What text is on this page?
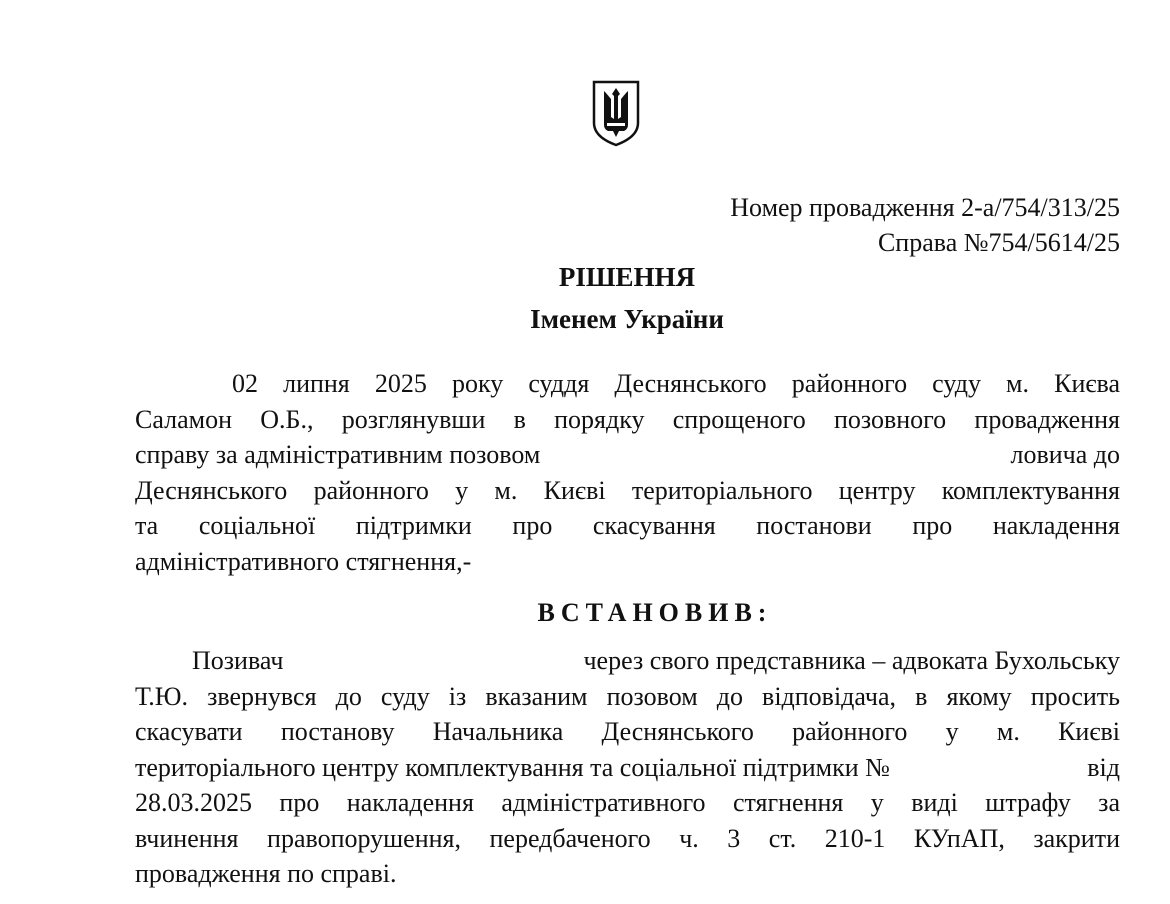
Номер провадження 2-а/754/313/25
Справа №754/5614/25
РІШЕННЯ
Іменем України
02 липня 2025 року суддя Деснянського районного суду м. Києва
Саламон О.Б., розглянувши в порядку спрощеного позовного провадження
справу за адміністративним позовом	ловича до
Деснянського районного у м. Києві територіального центру комплектування
та соціальної підтримки про скасування постанови про накладення
адміністративного стягнення,-
ВСТАНОВИВ:
Позивач	через свого представника – адвоката Бухольську
Т.Ю. звернувся до суду із вказаним позовом до відповідача, в якому просить
скасувати постанову Начальника Деснянського районного у м. Києві
територіального центру комплектування та соціальної підтримки №	від
28.03.2025 про накладення адміністративного стягнення у виді штрафу за
вчинення правопорушення, передбаченого ч. 3 ст. 210-1 КУпАП, закрити
провадження по справі.
